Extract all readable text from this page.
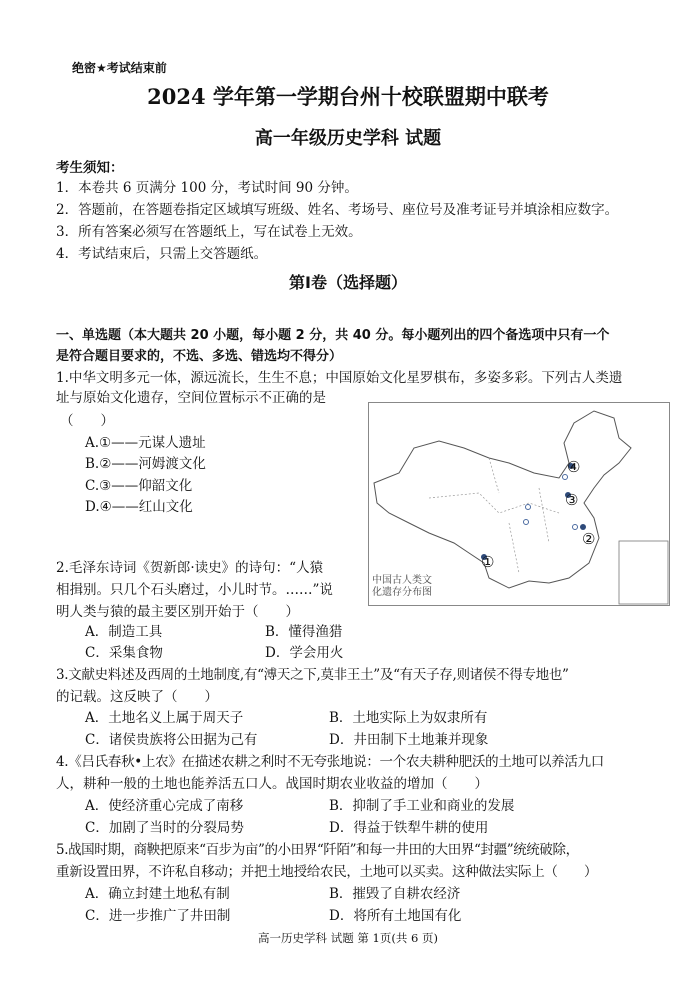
绝密★考试结束前
2024 学年第一学期台州十校联盟期中联考
高一年级历史学科 试题
考生须知：
1．本卷共 6 页满分 100 分，考试时间 90 分钟。
2．答题前，在答题卷指定区域填写班级、姓名、考场号、座位号及准考证号并填涂相应数字。
3．所有答案必须写在答题纸上，写在试卷上无效。
4．考试结束后，只需上交答题纸。
第Ⅰ卷（选择题）
一、单选题（本大题共 20 小题，每小题 2 分，共 40 分。每小题列出的四个备选项中只有一个
是符合题目要求的，不选、多选、错选均不得分）
1.中华文明多元一体，源远流长，生生不息；中国原始文化星罗棋布，多姿多彩。下列古人类遗
址与原始文化遗存，空间位置标示不正确的是
（　　）
A.①——元谋人遗址
B.②——河姆渡文化
C.③——仰韶文化
D.④——红山文化
①
②
③
④
中国古人类文
化遗存分布图
2.毛泽东诗词《贺新郎·读史》的诗句：“人猿
相揖别。只几个石头磨过，小儿时节。……”说
明人类与猿的最主要区别开始于（　　）
A．制造工具	B．懂得渔猎
C．采集食物	D．学会用火
3.文献史料述及西周的土地制度,有“溥天之下,莫非王土”及“有天子存,则诸侯不得专地也”
的记载。这反映了（　　）
A．土地名义上属于周天子	B．土地实际上为奴隶所有
C．诸侯贵族将公田据为己有	D．井田制下土地兼并现象
4.《吕氏春秋•上农》在描述农耕之利时不无夸张地说：一个农夫耕种肥沃的土地可以养活九口
人，耕种一般的土地也能养活五口人。战国时期农业收益的增加（　　）
A．使经济重心完成了南移	B．抑制了手工业和商业的发展
C．加剧了当时的分裂局势	D．得益于铁犁牛耕的使用
5.战国时期，商鞅把原来“百步为亩”的小田界“阡陌”和每一井田的大田界“封疆”统统破除，
重新设置田界，不许私自移动；并把土地授给农民，土地可以买卖。这种做法实际上（　　）
A．确立封建土地私有制	B．摧毁了自耕农经济
C．进一步推广了井田制	D．将所有土地国有化
高一历史学科 试题 第 1页(共 6 页)
